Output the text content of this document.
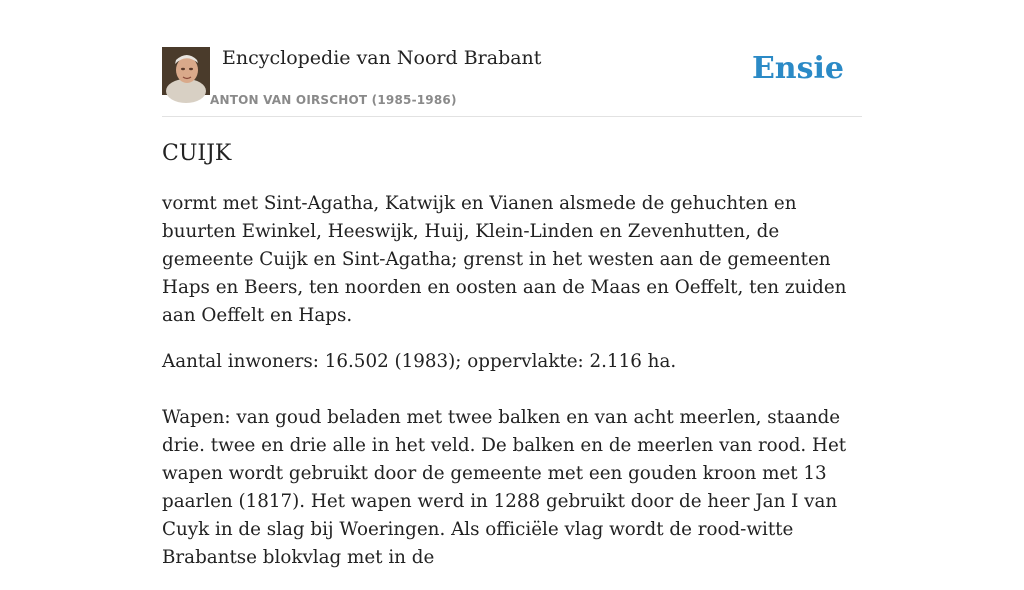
Encyclopedie van Noord Brabant
ANTON VAN OIRSCHOT (1985-1986)
Ensie
CUIJK

vormt met Sint-Agatha, Katwijk en Vianen alsmede de gehuchten en buurten Ewinkel, Heeswijk, Huij, Klein-Linden en Zevenhutten, de gemeente Cuijk en Sint-Agatha; grenst in het westen aan de gemeenten Haps en Beers, ten noorden en oosten aan de Maas en Oeffelt, ten zuiden aan Oeffelt en Haps.

Aantal inwoners: 16.502 (1983); oppervlakte: 2.116 ha.

Wapen: van goud beladen met twee balken en van acht meerlen, staande drie. twee en drie alle in het veld. De balken en de meerlen van rood. Het wapen wordt gebruikt door de gemeente met een gouden kroon met 13 paarlen (1817). Het wapen werd in 1288 gebruikt door de heer Jan I van Cuyk in de slag bij Woeringen. Als officiële vlag wordt de rood-witte Brabantse blokvlag met in de
